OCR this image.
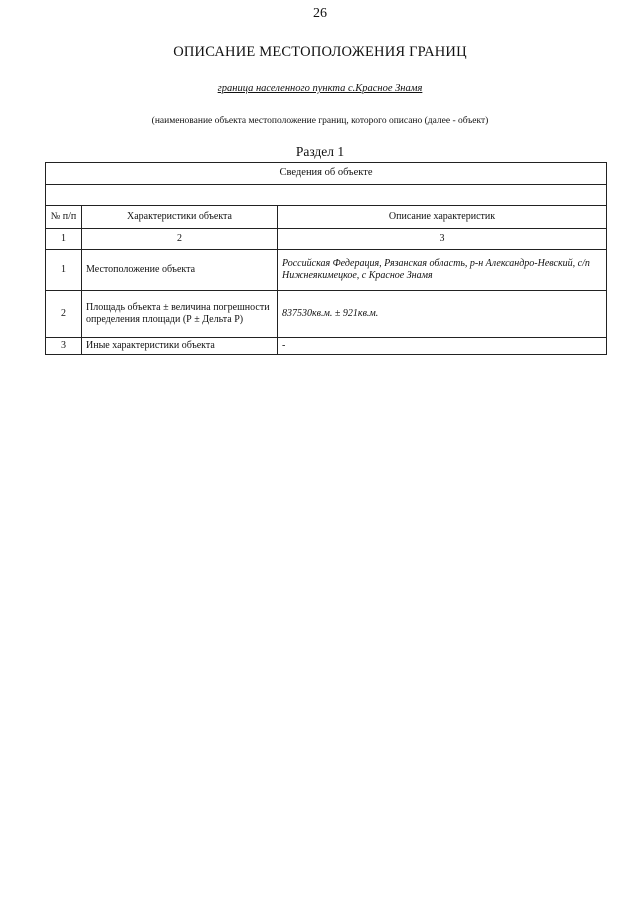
26
ОПИСАНИЕ МЕСТОПОЛОЖЕНИЯ ГРАНИЦ
граница населенного пункта с.Красное Знамя
(наименование объекта местоположение границ, которого описано (далее - объект)
Раздел 1
Сведения об объекте		

№ п/п	Характеристики объекта	Описание характеристик
1	2	3
1	Местоположение объекта	Российская Федерация, Рязанская область, р-н Александро-Невский, с/п Нижнеякимецкое, с Красное Знамя
2	Площадь объекта ± величина погрешности определения площади (Р ± Дельта Р)	837530кв.м. ± 921кв.м.
3	Иные характеристики объекта	-
